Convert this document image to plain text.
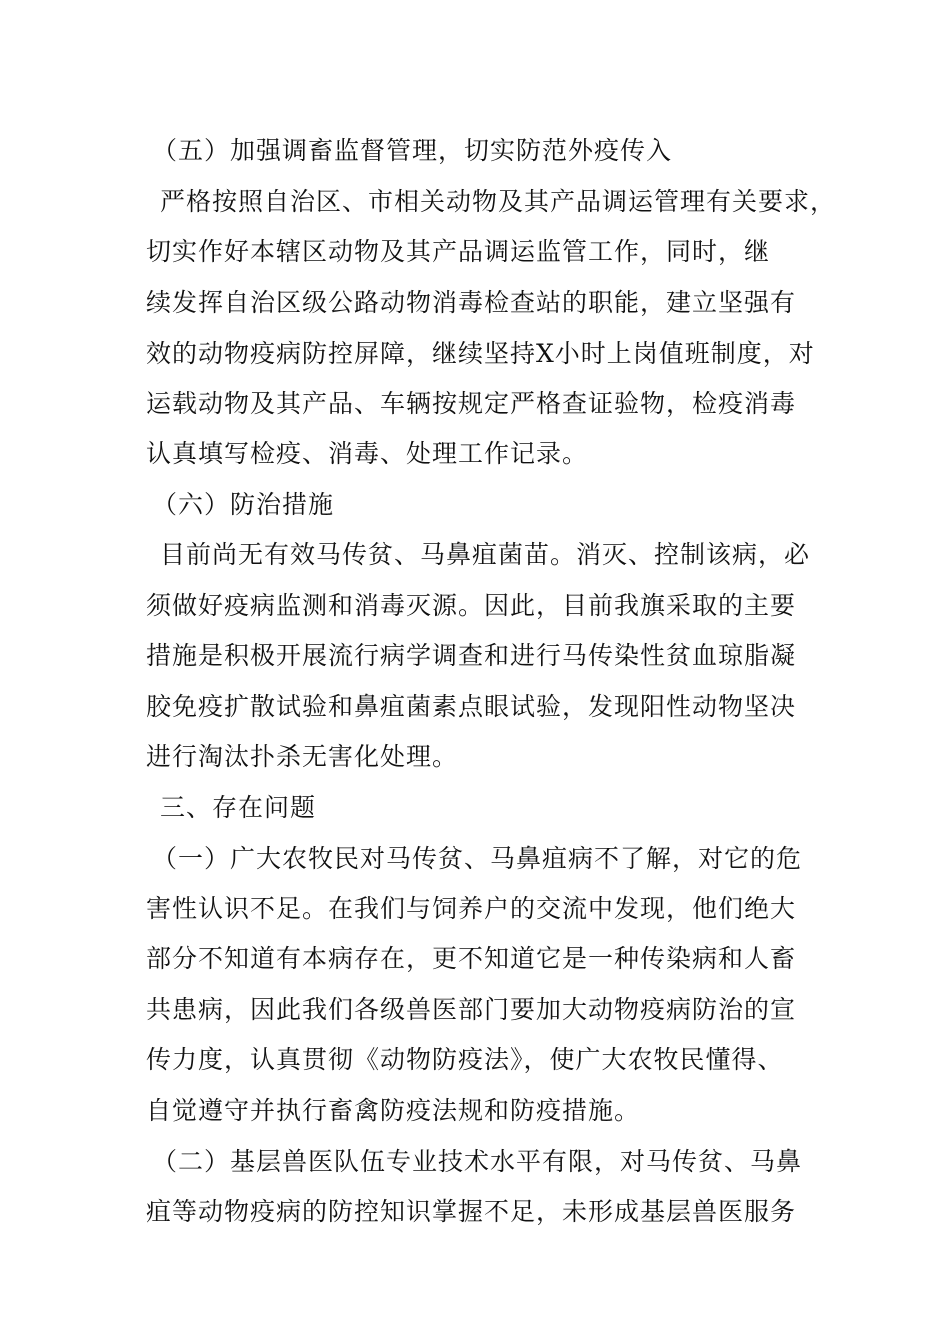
（五）加强调畜监督管理，切实防范外疫传入
严格按照自治区、市相关动物及其产品调运管理有关要求，
切实作好本辖区动物及其产品调运监管工作，同时，继
续发挥自治区级公路动物消毒检查站的职能，建立坚强有
效的动物疫病防控屏障，继续坚持X小时上岗值班制度，对
运载动物及其产品、车辆按规定严格查证验物，检疫消毒
认真填写检疫、消毒、处理工作记录。
（六）防治措施
目前尚无有效马传贫、马鼻疽菌苗。消灭、控制该病，必
须做好疫病监测和消毒灭源。因此，目前我旗采取的主要
措施是积极开展流行病学调查和进行马传染性贫血琼脂凝
胶免疫扩散试验和鼻疽菌素点眼试验，发现阳性动物坚决
进行淘汰扑杀无害化处理。
三、存在问题
（一）广大农牧民对马传贫、马鼻疽病不了解，对它的危
害性认识不足。在我们与饲养户的交流中发现，他们绝大
部分不知道有本病存在，更不知道它是一种传染病和人畜
共患病，因此我们各级兽医部门要加大动物疫病防治的宣
传力度，认真贯彻《动物防疫法》，使广大农牧民懂得、
自觉遵守并执行畜禽防疫法规和防疫措施。
（二）基层兽医队伍专业技术水平有限，对马传贫、马鼻
疽等动物疫病的防控知识掌握不足，未形成基层兽医服务
